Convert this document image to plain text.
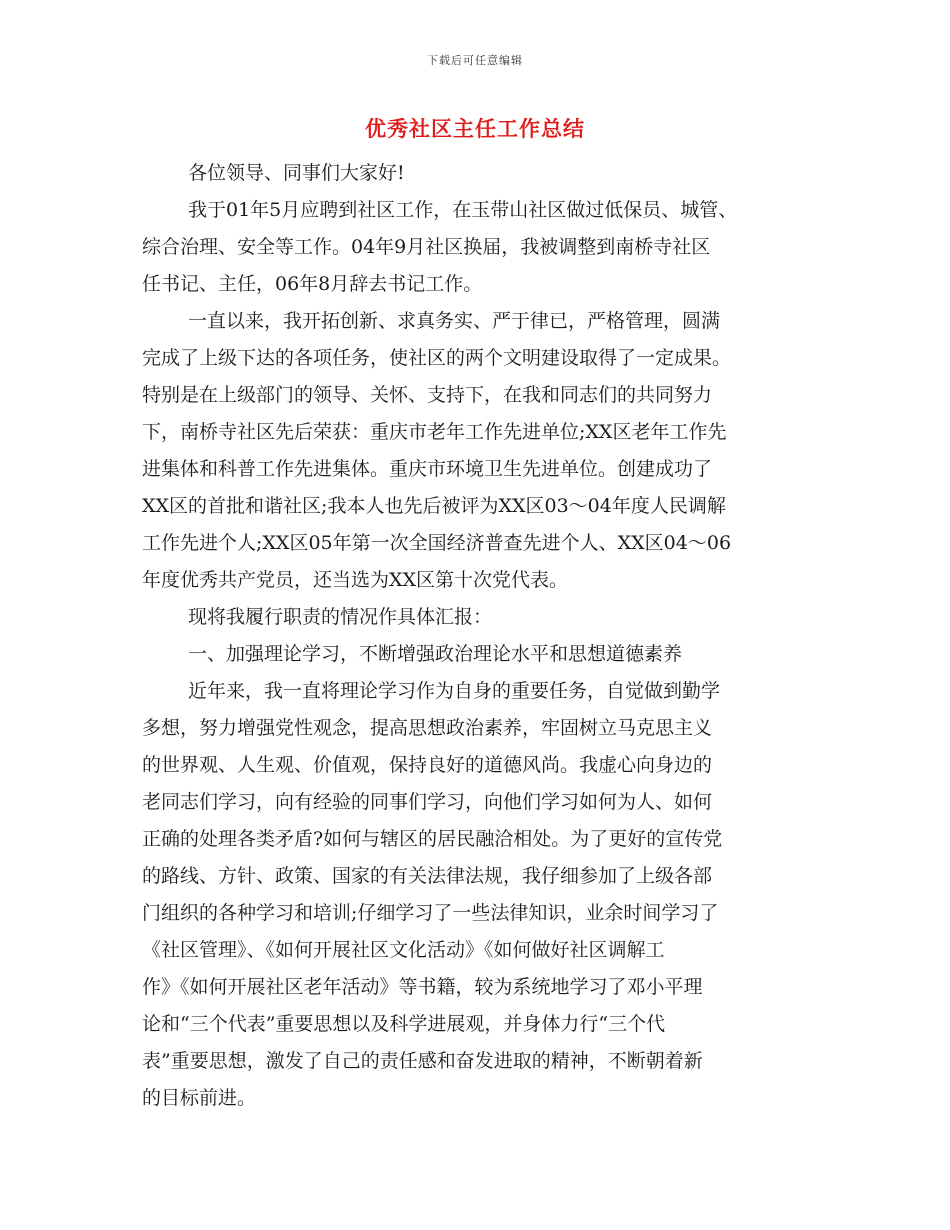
下载后可任意编辑
优秀社区主任工作总结
各位领导、同事们大家好!
我于01年5月应聘到社区工作，在玉带山社区做过低保员、城管、
综合治理、安全等工作。04年9月社区换届，我被调整到南桥寺社区
任书记、主任，06年8月辞去书记工作。
一直以来，我开拓创新、求真务实、严于律已，严格管理，圆满
完成了上级下达的各项任务，使社区的两个文明建设取得了一定成果。
特别是在上级部门的领导、关怀、支持下，在我和同志们的共同努力
下，南桥寺社区先后荣获：重庆市老年工作先进单位;XX区老年工作先
进集体和科普工作先进集体。重庆市环境卫生先进单位。创建成功了
XX区的首批和谐社区;我本人也先后被评为XX区03～04年度人民调解
工作先进个人;XX区05年第一次全国经济普查先进个人、XX区04～06
年度优秀共产党员，还当选为XX区第十次党代表。
现将我履行职责的情况作具体汇报：
一、加强理论学习，不断增强政治理论水平和思想道德素养
近年来，我一直将理论学习作为自身的重要任务，自觉做到勤学
多想，努力增强党性观念，提高思想政治素养，牢固树立马克思主义
的世界观、人生观、价值观，保持良好的道德风尚。我虚心向身边的
老同志们学习，向有经验的同事们学习，向他们学习如何为人、如何
正确的处理各类矛盾?如何与辖区的居民融洽相处。为了更好的宣传党
的路线、方针、政策、国家的有关法律法规，我仔细参加了上级各部
门组织的各种学习和培训;仔细学习了一些法律知识，业余时间学习了
《社区管理》、《如何开展社区文化活动》《如何做好社区调解工
作》《如何开展社区老年活动》等书籍，较为系统地学习了邓小平理
论和“三个代表”重要思想以及科学进展观，并身体力行“三个代
表”重要思想，激发了自己的责任感和奋发进取的精神，不断朝着新
的目标前进。
